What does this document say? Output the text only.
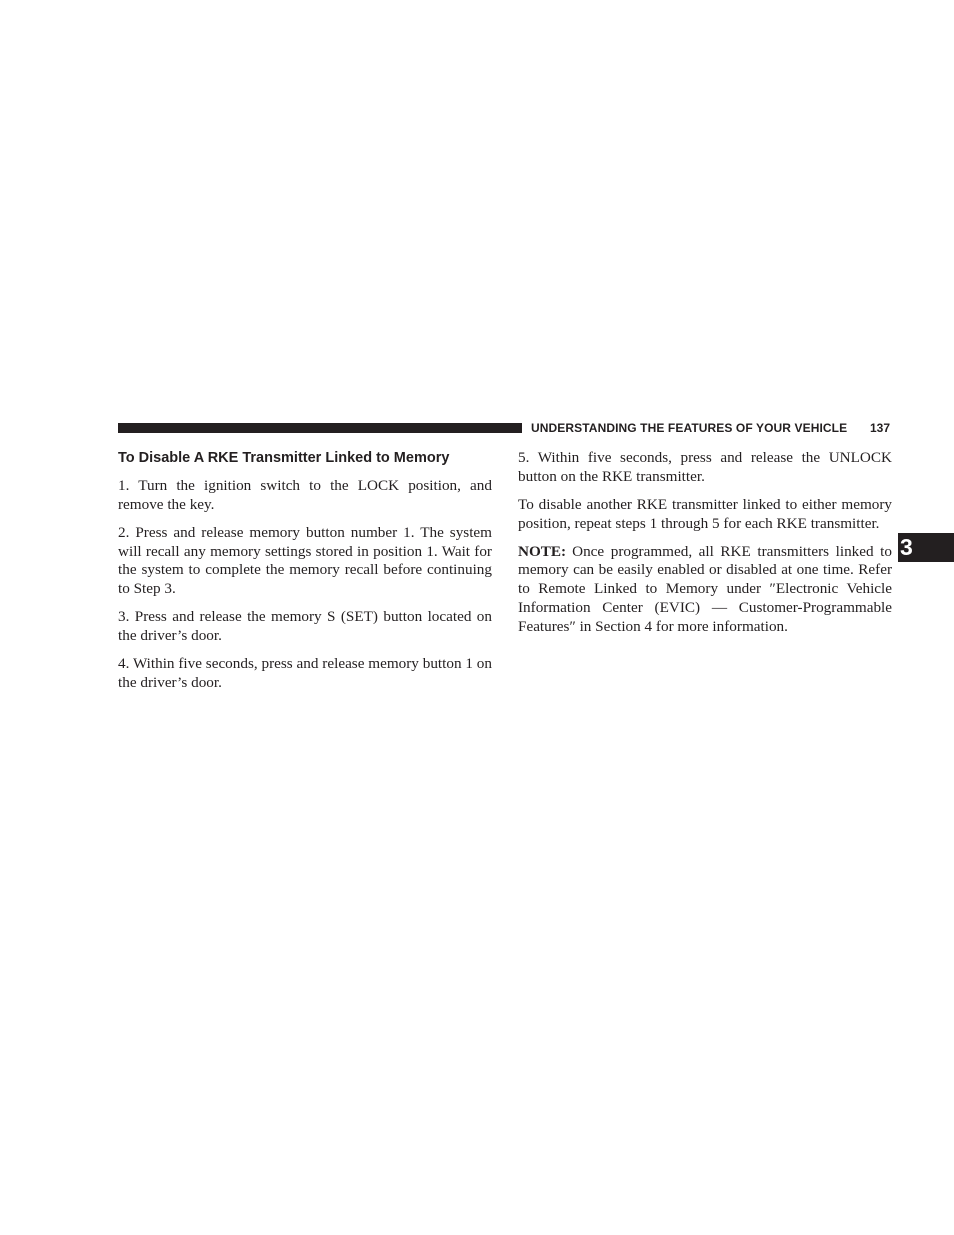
UNDERSTANDING THE FEATURES OF YOUR VEHICLE 137
To Disable A RKE Transmitter Linked to Memory

1. Turn the ignition switch to the LOCK position, and remove the key.

2. Press and release memory button number 1. The system will recall any memory settings stored in position 1. Wait for the system to complete the memory recall before continuing to Step 3.

3. Press and release the memory S (SET) button located on the driver’s door.

4. Within five seconds, press and release memory button 1 on the driver’s door.

5. Within five seconds, press and release the UNLOCK button on the RKE transmitter.

To disable another RKE transmitter linked to either memory position, repeat steps 1 through 5 for each RKE transmitter.

NOTE: Once programmed, all RKE transmitters linked to memory can be easily enabled or disabled at one time. Refer to Remote Linked to Memory under ″Electronic Vehicle Information Center (EVIC) — Customer-Programmable Features″ in Section 4 for more information.

3
